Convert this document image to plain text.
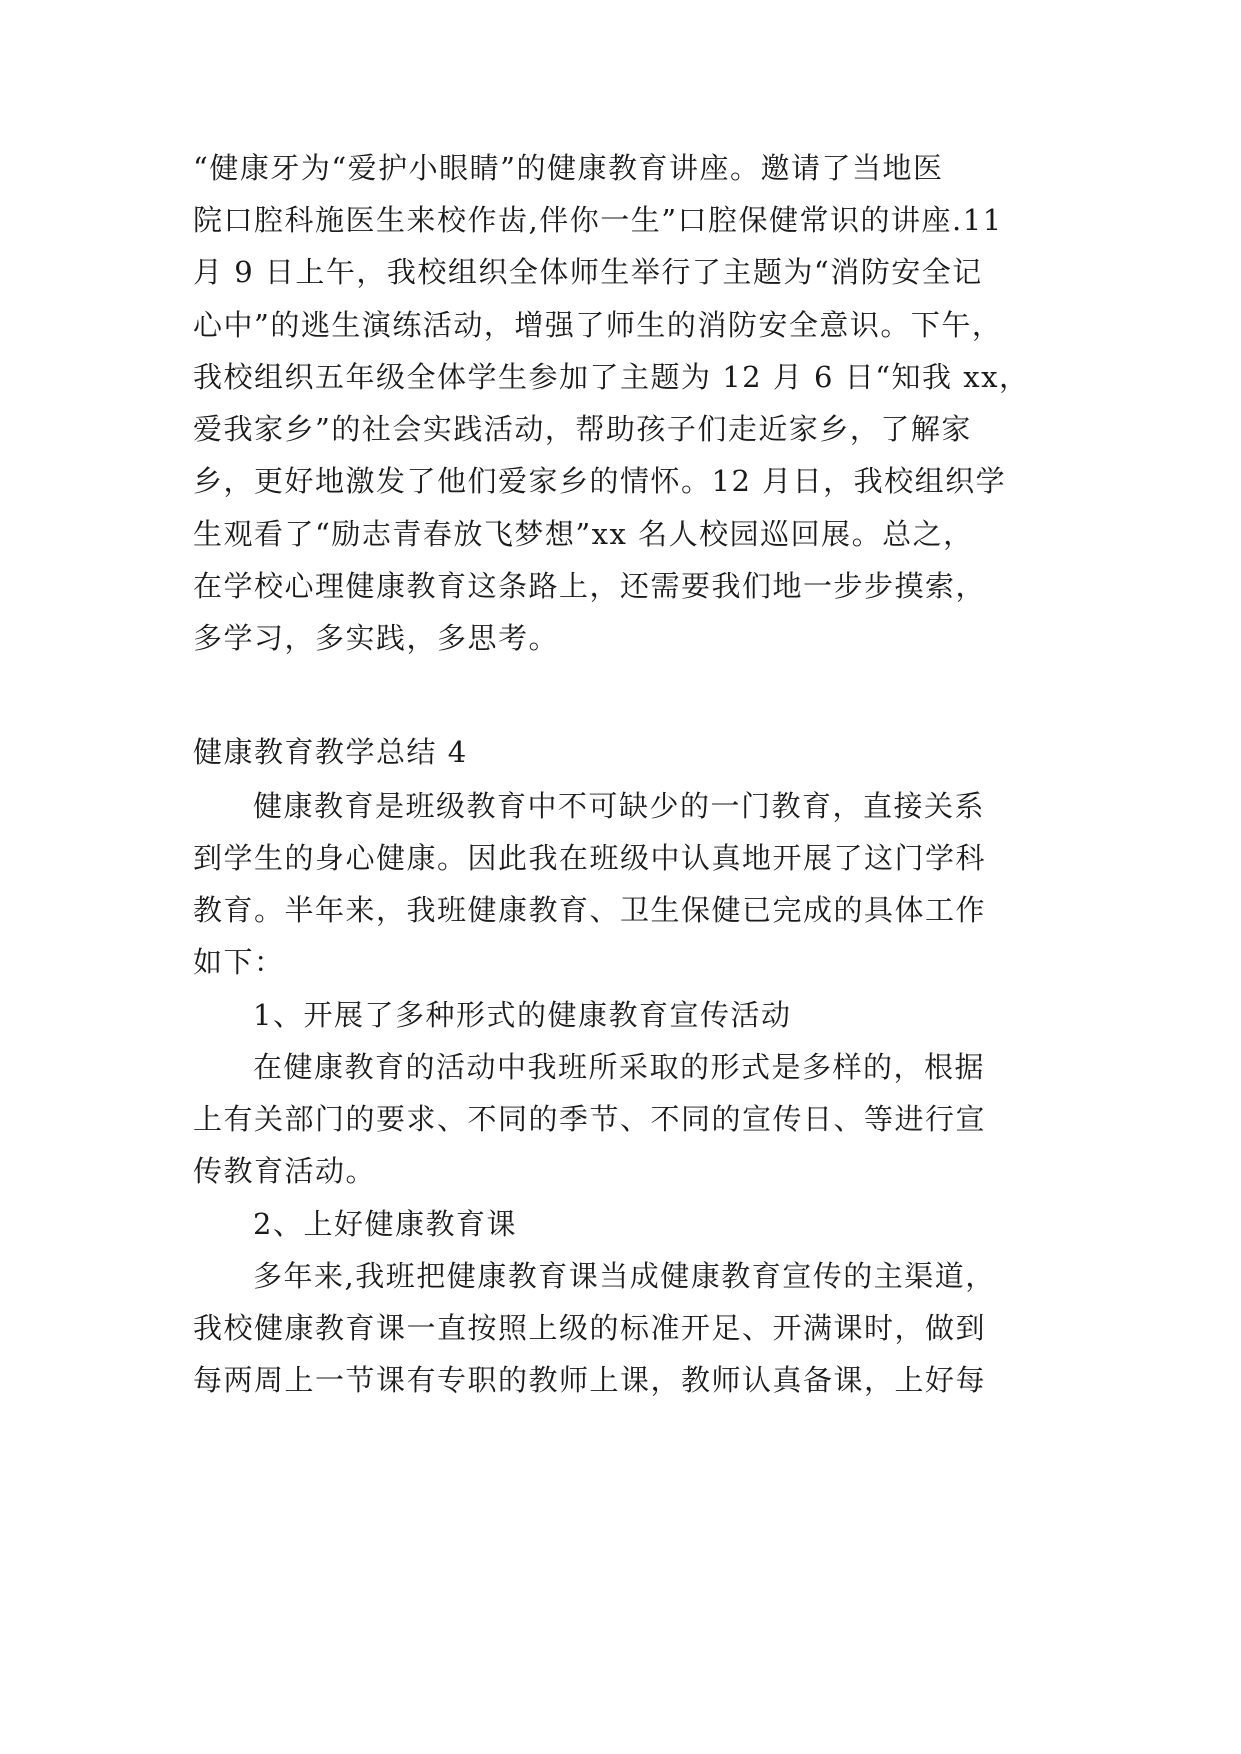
“健康牙为“爱护小眼睛”的健康教育讲座。邀请了当地医
院口腔科施医生来校作齿,伴你一生”口腔保健常识的讲座.11
月 9 日上午，我校组织全体师生举行了主题为“消防安全记
心中”的逃生演练活动，增强了师生的消防安全意识。下午，
我校组织五年级全体学生参加了主题为 12 月 6 日“知我 xx，
爱我家乡”的社会实践活动，帮助孩子们走近家乡，了解家
乡，更好地激发了他们爱家乡的情怀。12 月日，我校组织学
生观看了“励志青春放飞梦想”xx 名人校园巡回展。总之，
在学校心理健康教育这条路上，还需要我们地一步步摸索，
多学习，多实践，多思考。
健康教育教学总结 4
健康教育是班级教育中不可缺少的一门教育，直接关系
到学生的身心健康。因此我在班级中认真地开展了这门学科
教育。半年来，我班健康教育、卫生保健已完成的具体工作
如下：
1、开展了多种形式的健康教育宣传活动
在健康教育的活动中我班所采取的形式是多样的，根据
上有关部门的要求、不同的季节、不同的宣传日、等进行宣
传教育活动。
2、上好健康教育课
多年来,我班把健康教育课当成健康教育宣传的主渠道，
我校健康教育课一直按照上级的标准开足、开满课时，做到
每两周上一节课有专职的教师上课，教师认真备课，上好每
